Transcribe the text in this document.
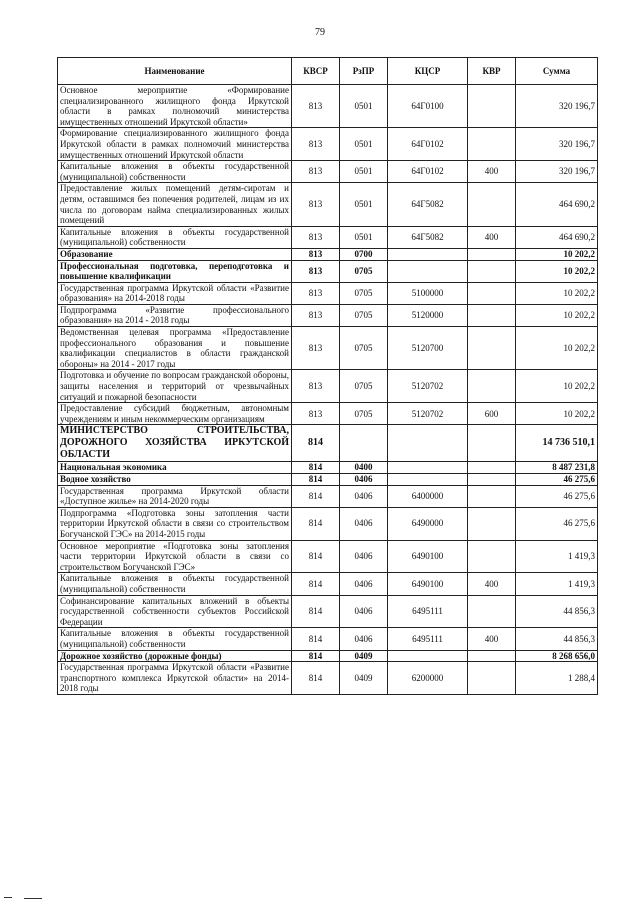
79
Наименование	КВСР	РзПР	КЦСР	КВР	Сумма
Основное мероприятие «Формирование специализированного жилищного фонда Иркутской области в рамках полномочий министерства имущественных отношений Иркутской области»	813	0501	64Г0100		320 196,7
Формирование специализированного жилищного фонда Иркутской области в рамках полномочий министерства имущественных отношений Иркутской области	813	0501	64Г0102		320 196,7
Капитальные вложения в объекты государственной (муниципальной) собственности	813	0501	64Г0102	400	320 196,7
Предоставление жилых помещений детям-сиротам и детям, оставшимся без попечения родителей, лицам из их числа по договорам найма специализированных жилых помещений	813	0501	64Г5082		464 690,2
Капитальные вложения в объекты государственной (муниципальной) собственности	813	0501	64Г5082	400	464 690,2
Образование	813	0700			10 202,2
Профессиональная подготовка, переподготовка и повышение квалификации	813	0705			10 202,2
Государственная программа Иркутской области «Развитие образования» на 2014-2018 годы	813	0705	5100000		10 202,2
Подпрограмма «Развитие профессионального образования» на 2014 - 2018 годы	813	0705	5120000		10 202,2
Ведомственная целевая программа «Предоставление профессионального образования и повышение квалификации специалистов в области гражданской обороны» на 2014 - 2017 годы	813	0705	5120700		10 202,2
Подготовка и обучение по вопросам гражданской обороны, защиты населения и территорий от чрезвычайных ситуаций и пожарной безопасности	813	0705	5120702		10 202,2
Предоставление субсидий бюджетным, автономным учреждениям и иным некоммерческим организациям	813	0705	5120702	600	10 202,2
МИНИСТЕРСТВО СТРОИТЕЛЬСТВА, ДОРОЖНОГО ХОЗЯЙСТВА ИРКУТСКОЙ ОБЛАСТИ	814				14 736 510,1
Национальная экономика	814	0400			8 487 231,8
Водное хозяйство	814	0406			46 275,6
Государственная программа Иркутской области «Доступное жилье» на 2014-2020 годы	814	0406	6400000		46 275,6
Подпрограмма «Подготовка зоны затопления части территории Иркутской области в связи со строительством Богучанской ГЭС» на 2014-2015 годы	814	0406	6490000		46 275,6
Основное мероприятие «Подготовка зоны затопления части территории Иркутской области в связи со строительством Богучанской ГЭС»	814	0406	6490100		1 419,3
Капитальные вложения в объекты государственной (муниципальной) собственности	814	0406	6490100	400	1 419,3
Софинансирование капитальных вложений в объекты государственной собственности субъектов Российской Федерации	814	0406	6495111		44 856,3
Капитальные вложения в объекты государственной (муниципальной) собственности	814	0406	6495111	400	44 856,3
Дорожное хозяйство (дорожные фонды)	814	0409			8 268 656,0
Государственная программа Иркутской области «Развитие транспортного комплекса Иркутской области» на 2014-2018 годы	814	0409	6200000		1 288,4
